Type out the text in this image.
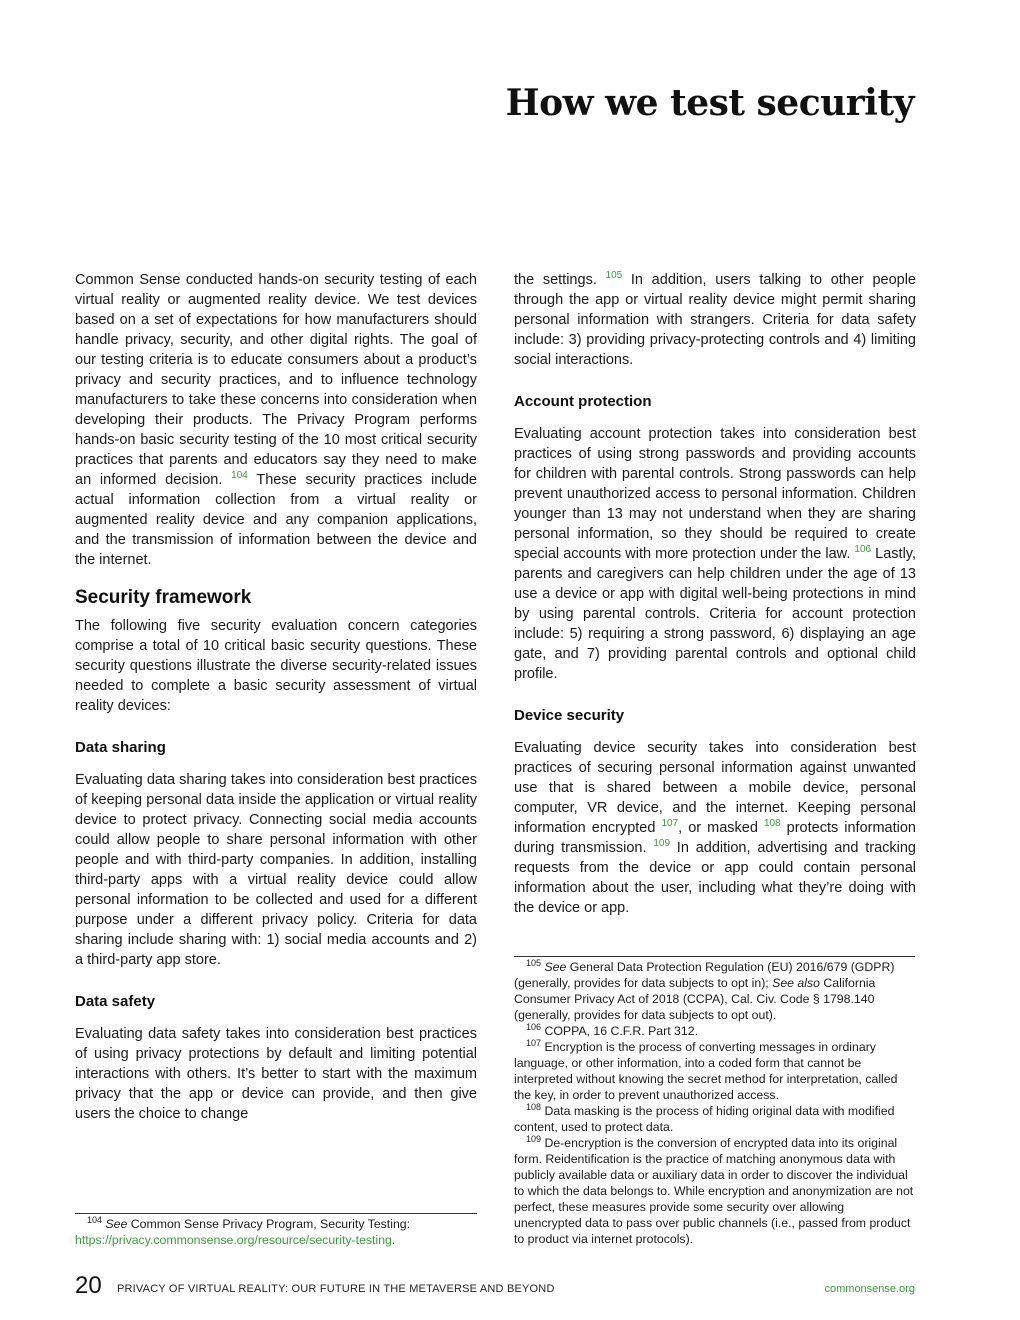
How we test security

Common Sense conducted hands-on security testing of each virtual reality or augmented reality device. We test devices based on a set of expectations for how manufacturers should handle privacy, security, and other digital rights. The goal of our testing criteria is to educate consumers about a product’s privacy and security practices, and to influence technology manufacturers to take these concerns into consideration when developing their products. The Privacy Program performs hands-on basic security testing of the 10 most critical security practices that parents and educators say they need to make an informed decision. $^{104}$ These security practices include actual information collection from a virtual reality or augmented reality device and any companion applications, and the transmission of information between the device and the internet.

Security framework

The following five security evaluation concern categories comprise a total of 10 critical basic security questions. These security questions illustrate the diverse security-related issues needed to complete a basic security assessment of virtual reality devices:

Data sharing

Evaluating data sharing takes into consideration best practices of keeping personal data inside the application or virtual reality device to protect privacy. Connecting social media accounts could allow people to share personal information with other people and with third-party companies. In addition, installing third-party apps with a virtual reality device could allow personal information to be collected and used for a different purpose under a different privacy policy. Criteria for data sharing include sharing with: 1) social media accounts and 2) a third-party app store.

Data safety

Evaluating data safety takes into consideration best practices of using privacy protections by default and limiting potential interactions with others. It’s better to start with the maximum privacy that the app or device can provide, and then give users the choice to change

$^{104}$ See Common Sense Privacy Program, Security Testing:
https://privacy.commonsense.org/resource/security-testing.

the settings. $^{105}$ In addition, users talking to other people through the app or virtual reality device might permit sharing personal information with strangers. Criteria for data safety include: 3) providing privacy-protecting controls and 4) limiting social interactions.

Account protection

Evaluating account protection takes into consideration best practices of using strong passwords and providing accounts for children with parental controls. Strong passwords can help prevent unauthorized access to personal information. Children younger than 13 may not understand when they are sharing personal information, so they should be required to create special accounts with more protection under the law. $^{106}$ Lastly, parents and caregivers can help children under the age of 13 use a device or app with digital well-being protections in mind by using parental controls. Criteria for account protection include: 5) requiring a strong password, 6) displaying an age gate, and 7) providing parental controls and optional child profile.

Device security

Evaluating device security takes into consideration best practices of securing personal information against unwanted use that is shared between a mobile device, personal computer, VR device, and the internet. Keeping personal information encrypted $^{107}$, or masked $^{108}$ protects information during transmission. $^{109}$ In addition, advertising and tracking requests from the device or app could contain personal information about the user, including what they’re doing with the device or app.

$^{105}$ See General Data Protection Regulation (EU) 2016/679 (GDPR) (generally, provides for data subjects to opt in); See also California Consumer Privacy Act of 2018 (CCPA), Cal. Civ. Code § 1798.140 (generally, provides for data subjects to opt out).

$^{106}$ COPPA, 16 C.F.R. Part 312.

$^{107}$ Encryption is the process of converting messages in ordinary language, or other information, into a coded form that cannot be interpreted without knowing the secret method for interpretation, called the key, in order to prevent unauthorized access.

$^{108}$ Data masking is the process of hiding original data with modified content, used to protect data.

$^{109}$ De-encryption is the conversion of encrypted data into its original form. Reidentification is the practice of matching anonymous data with publicly available data or auxiliary data in order to discover the individual to which the data belongs to. While encryption and anonymization are not perfect, these measures provide some security over allowing unencrypted data to pass over public channels (i.e., passed from product to product via internet protocols).

20 PRIVACY OF VIRTUAL REALITY: OUR FUTURE IN THE METAVERSE AND BEYOND	commonsense.org
